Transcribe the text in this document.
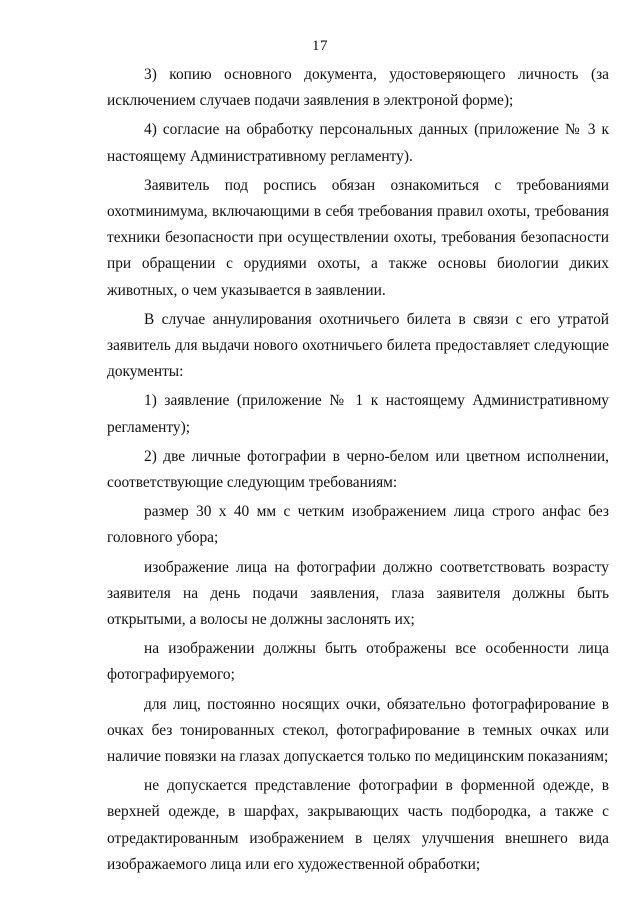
17

3) копию основного документа, удостоверяющего личность (за исключением случаев подачи заявления в электроной форме);

4) согласие на обработку персональных данных (приложение № 3 к настоящему Административному регламенту).

Заявитель под роспись обязан ознакомиться с требованиями охотминимума, включающими в себя требования правил охоты, требования техники безопасности при осуществлении охоты, требования безопасности при обращении с орудиями охоты, а также основы биологии диких животных, о чем указывается в заявлении.

В случае аннулирования охотничьего билета в связи с его утратой заявитель для выдачи нового охотничьего билета предоставляет следующие документы:

1) заявление (приложение № 1 к настоящему Административному регламенту);

2) две личные фотографии в черно-белом или цветном исполнении, соответствующие следующим требованиям:

размер 30 х 40 мм с четким изображением лица строго анфас без головного убора;

изображение лица на фотографии должно соответствовать возрасту заявителя на день подачи заявления, глаза заявителя должны быть открытыми, а волосы не должны заслонять их;

на изображении должны быть отображены все особенности лица фотографируемого;

для лиц, постоянно носящих очки, обязательно фотографирование в очках без тонированных стекол, фотографирование в темных очках или наличие повязки на глазах допускается только по медицинским показаниям;

не допускается представление фотографии в форменной одежде, в верхней одежде, в шарфах, закрывающих часть подбородка, а также с отредактированным изображением в целях улучшения внешнего вида изображаемого лица или его художественной обработки;
